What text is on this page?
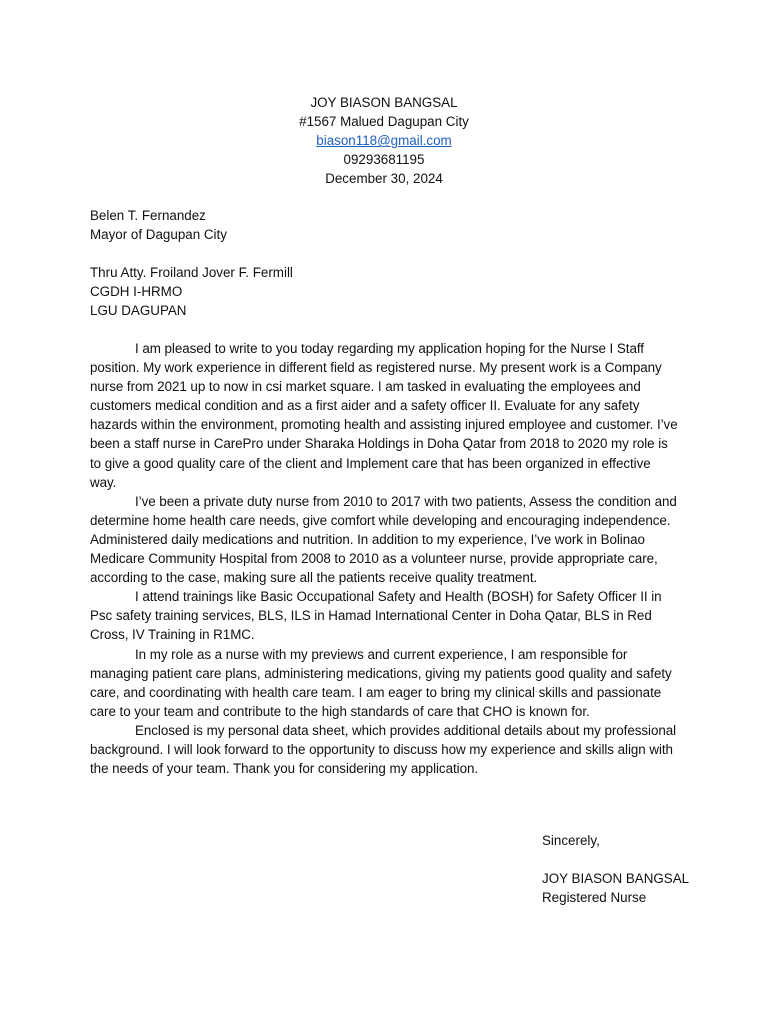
JOY BIASON BANGSAL
#1567 Malued Dagupan City
biason118@gmail.com
09293681195
December 30, 2024
Belen T. Fernandez
Mayor of Dagupan City
Thru Atty. Froiland Jover F. Fermill
CGDH I-HRMO
LGU DAGUPAN

I am pleased to write to you today regarding my application hoping for the Nurse I Staff position. My work experience in different field as registered nurse. My present work is a Company nurse from 2021 up to now in csi market square. I am tasked in evaluating the employees and customers medical condition and as a first aider and a safety officer II. Evaluate for any safety hazards within the environment, promoting health and assisting injured employee and customer. I’ve been a staff nurse in CarePro under Sharaka Holdings in Doha Qatar from 2018 to 2020 my role is to give a good quality care of the client and Implement care that has been organized in effective way.

I’ve been a private duty nurse from 2010 to 2017 with two patients, Assess the condition and determine home health care needs, give comfort while developing and encouraging independence. Administered daily medications and nutrition. In addition to my experience, I’ve work in Bolinao Medicare Community Hospital from 2008 to 2010 as a volunteer nurse, provide appropriate care, according to the case, making sure all the patients receive quality treatment.

I attend trainings like Basic Occupational Safety and Health (BOSH) for Safety Officer II in Psc safety training services, BLS, ILS in Hamad International Center in Doha Qatar, BLS in Red Cross, IV Training in R1MC.

In my role as a nurse with my previews and current experience, I am responsible for managing patient care plans, administering medications, giving my patients good quality and safety care, and coordinating with health care team. I am eager to bring my clinical skills and passionate care to your team and contribute to the high standards of care that CHO is known for.

Enclosed is my personal data sheet, which provides additional details about my professional background. I will look forward to the opportunity to discuss how my experience and skills align with the needs of your team. Thank you for considering my application.

Sincerely,
JOY BIASON BANGSAL
Registered Nurse
